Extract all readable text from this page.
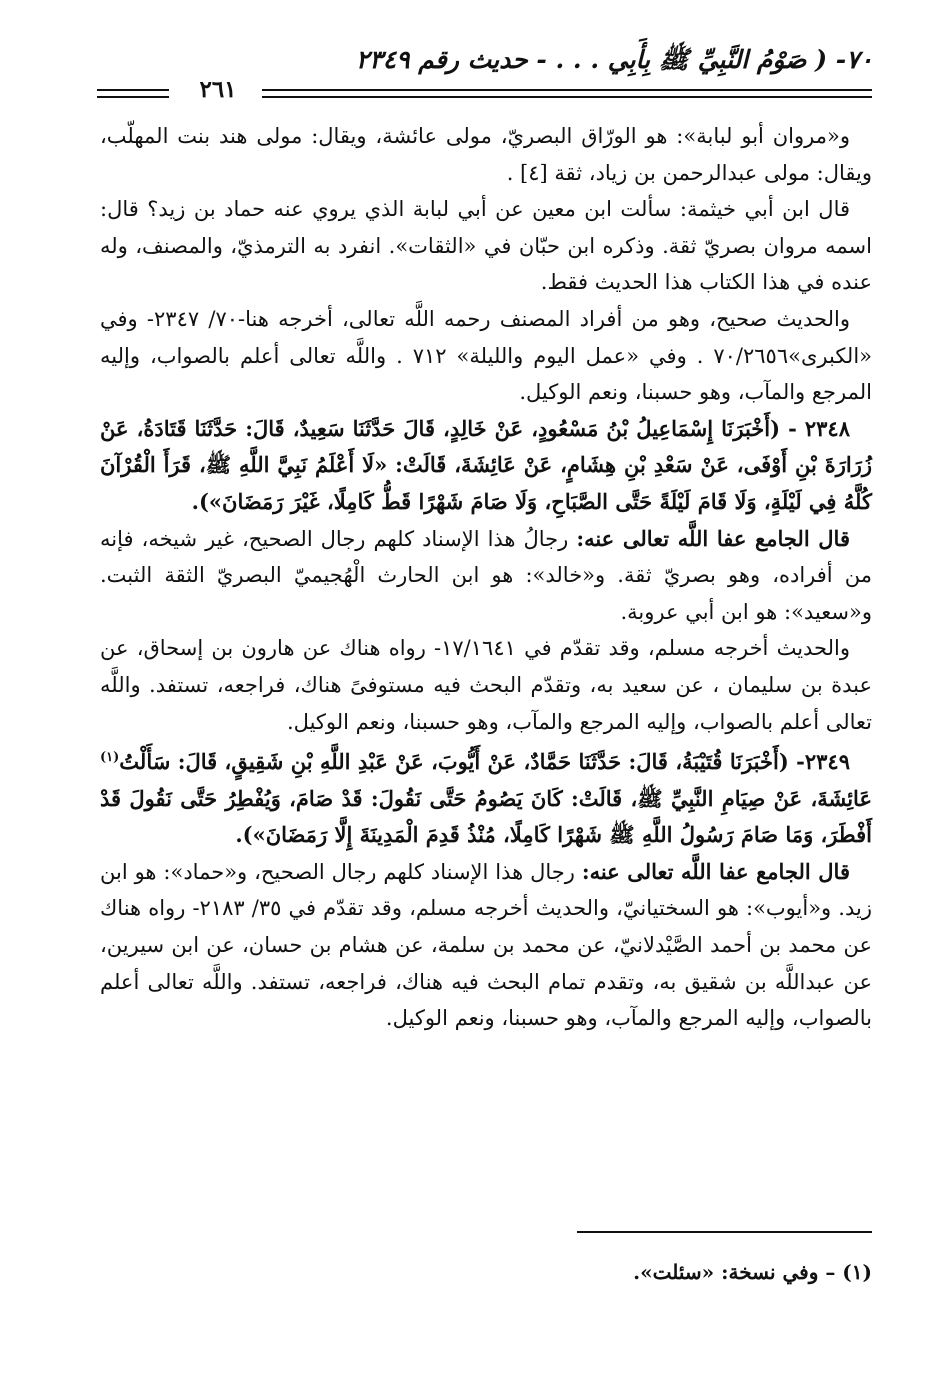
٧٠- ( صَوْمُ النَّبِيِّ ﷺ بِأَبِي . . . - حديث رقم ٢٣٤٩
٢٦١

و«مروان أبو لبابة»: هو الورّاق البصريّ، مولى عائشة، ويقال: مولى هند بنت المهلّب، ويقال: مولى عبدالرحمن بن زياد، ثقة [٤] .

قال ابن أبي خيثمة: سألت ابن معين عن أبي لبابة الذي يروي عنه حماد بن زيد؟ قال: اسمه مروان بصريّ ثقة. وذكره ابن حبّان في «الثقات». انفرد به الترمذيّ، والمصنف، وله عنده في هذا الكتاب هذا الحديث فقط.

والحديث صحيح، وهو من أفراد المصنف رحمه اللَّه تعالى، أخرجه هنا-٧٠/ ٢٣٤٧- وفي «الكبرى»٧٠/٢٦٥٦ . وفي «عمل اليوم والليلة» ٧١٢ . واللَّه تعالى أعلم بالصواب، وإليه المرجع والمآب، وهو حسبنا، ونعم الوكيل.

٢٣٤٨ - (أَخْبَرَنَا إِسْمَاعِيلُ بْنُ مَسْعُودٍ، عَنْ خَالِدٍ، قَالَ حَدَّثَنَا سَعِيدٌ، قَالَ: حَدَّثَنَا قَتَادَةُ، عَنْ زُرَارَةَ بْنِ أَوْفَى، عَنْ سَعْدِ بْنِ هِشَامٍ، عَنْ عَائِشَةَ، قَالَتْ: «لَا أَعْلَمُ نَبِيَّ اللَّهِ ﷺ، قَرَأَ الْقُرْآنَ كُلَّهُ فِي لَيْلَةٍ، وَلَا قَامَ لَيْلَةً حَتَّى الصَّبَاحِ، وَلَا صَامَ شَهْرًا قَطُّ كَامِلًا، غَيْرَ رَمَضَانَ»).

قال الجامع عفا اللَّه تعالى عنه: رجالُ هذا الإسناد كلهم رجال الصحيح، غير شيخه، فإنه من أفراده، وهو بصريّ ثقة. و«خالد»: هو ابن الحارث الْهُجيميّ البصريّ الثقة الثبت. و«سعيد»: هو ابن أبي عروبة.

والحديث أخرجه مسلم، وقد تقدّم في ١٧/١٦٤١- رواه هناك عن هارون بن إسحاق، عن عبدة بن سليمان ، عن سعيد به، وتقدّم البحث فيه مستوفىً هناك، فراجعه، تستفد. واللَّه تعالى أعلم بالصواب، وإليه المرجع والمآب، وهو حسبنا، ونعم الوكيل.

٢٣٤٩- (أَخْبَرَنَا قُتَيْبَةُ، قَالَ: حَدَّثَنَا حَمَّادٌ، عَنْ أَيُّوبَ، عَنْ عَبْدِ اللَّهِ بْنِ شَقِيقٍ، قَالَ: سَأَلْتُ$^{(١)}$ عَائِشَةَ، عَنْ صِيَامِ النَّبِيِّ ﷺ، قَالَتْ: كَانَ يَصُومُ حَتَّى نَقُولَ: قَدْ صَامَ، وَيُفْطِرُ حَتَّى نَقُولَ قَدْ أَفْطَرَ، وَمَا صَامَ رَسُولُ اللَّهِ ﷺ شَهْرًا كَامِلًا، مُنْذُ قَدِمَ الْمَدِينَةَ إِلَّا رَمَضَانَ»).

قال الجامع عفا اللَّه تعالى عنه: رجال هذا الإسناد كلهم رجال الصحيح، و«حماد»: هو ابن زيد. و«أيوب»: هو السختيانيّ، والحديث أخرجه مسلم، وقد تقدّم في ٣٥/ ٢١٨٣- رواه هناك عن محمد بن أحمد الصَّيْدلانيّ، عن محمد بن سلمة، عن هشام بن حسان، عن ابن سيرين، عن عبداللَّه بن شقيق به، وتقدم تمام البحث فيه هناك، فراجعه، تستفد. واللَّه تعالى أعلم بالصواب، وإليه المرجع والمآب، وهو حسبنا، ونعم الوكيل.

(١) – وفي نسخة: «سئلت».
